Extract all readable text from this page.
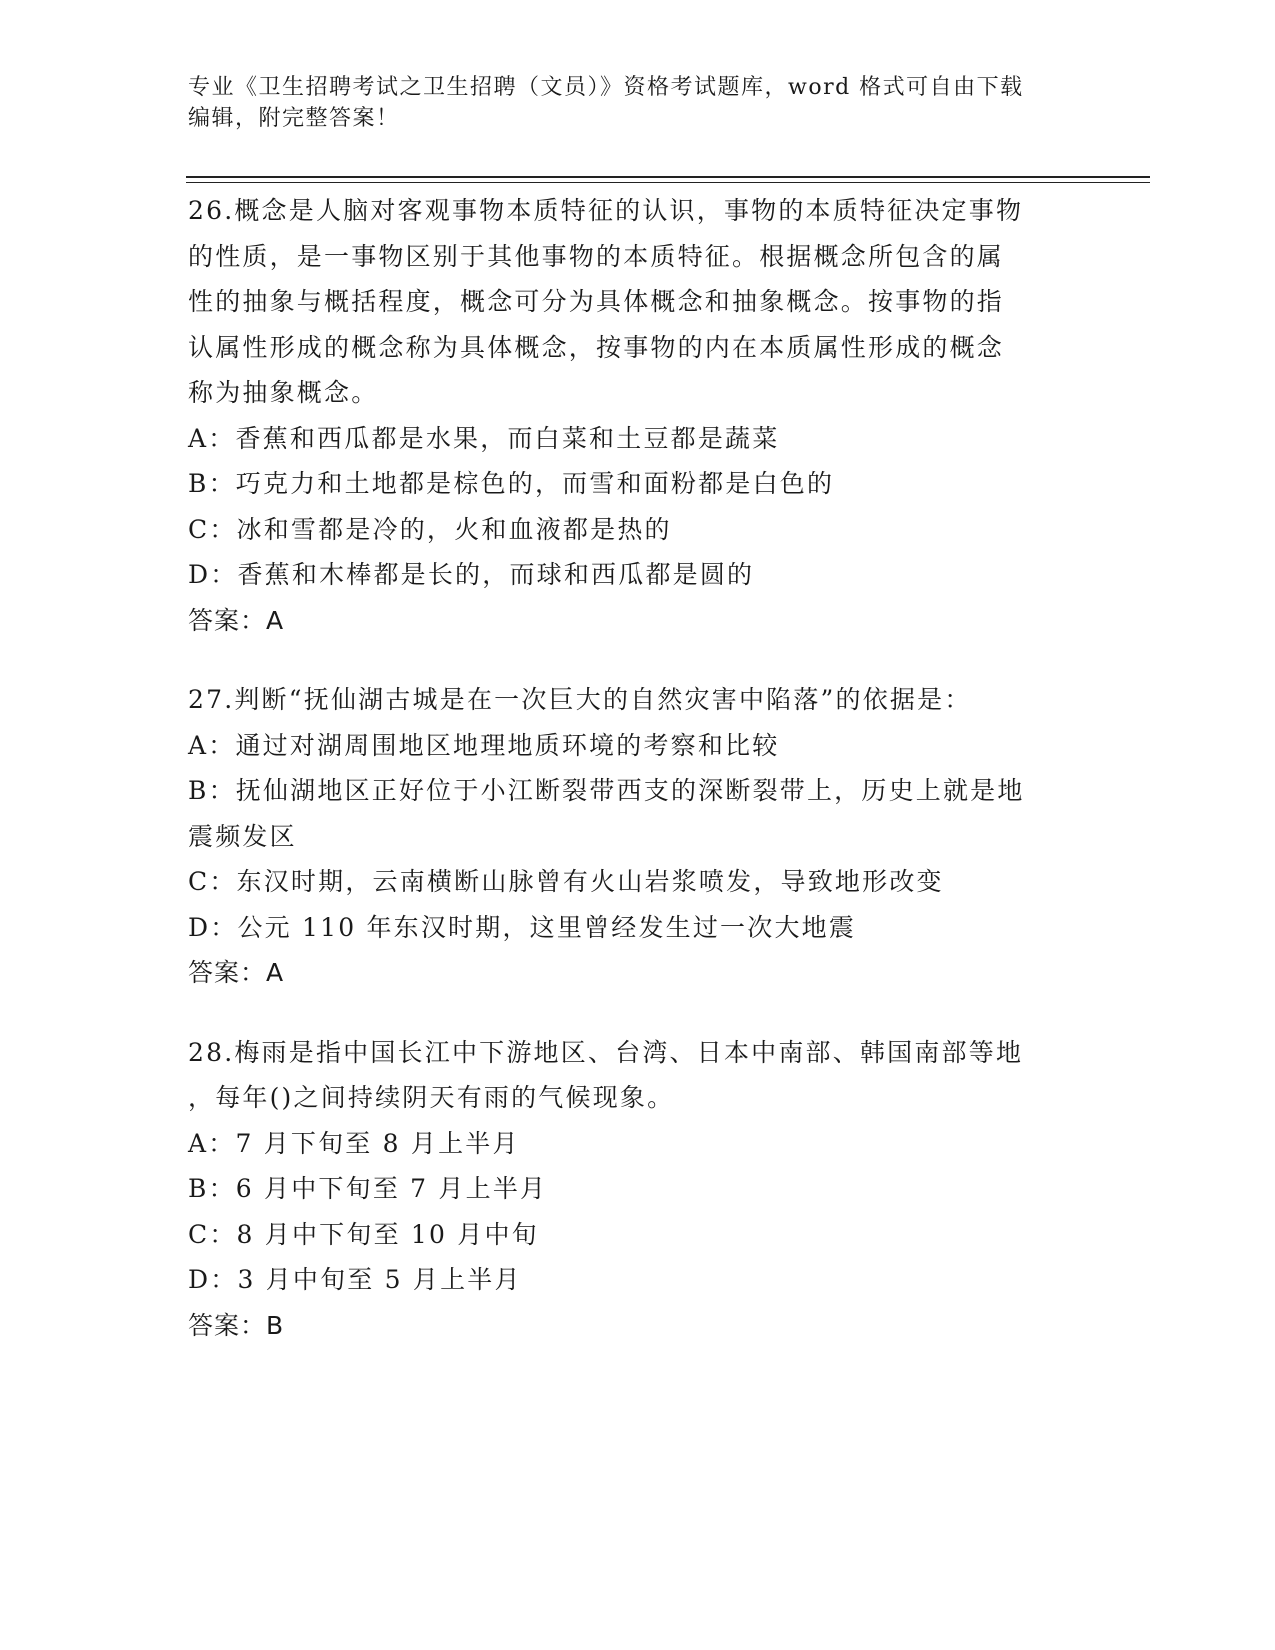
专业《卫生招聘考试之卫生招聘（文员）》资格考试题库，word 格式可自由下载
编辑，附完整答案！
26.概念是人脑对客观事物本质特征的认识，事物的本质特征决定事物
的性质，是一事物区别于其他事物的本质特征。根据概念所包含的属
性的抽象与概括程度，概念可分为具体概念和抽象概念。按事物的指
认属性形成的概念称为具体概念，按事物的内在本质属性形成的概念
称为抽象概念。
A：香蕉和西瓜都是水果，而白菜和土豆都是蔬菜
B：巧克力和土地都是棕色的，而雪和面粉都是白色的
C：冰和雪都是冷的，火和血液都是热的
D：香蕉和木棒都是长的，而球和西瓜都是圆的
答案：A
27.判断“抚仙湖古城是在一次巨大的自然灾害中陷落”的依据是：
A：通过对湖周围地区地理地质环境的考察和比较
B：抚仙湖地区正好位于小江断裂带西支的深断裂带上，历史上就是地
震频发区
C：东汉时期，云南横断山脉曾有火山岩浆喷发，导致地形改变
D：公元 110 年东汉时期，这里曾经发生过一次大地震
答案：A
28.梅雨是指中国长江中下游地区、台湾、日本中南部、韩国南部等地
，每年()之间持续阴天有雨的气候现象。
A：7 月下旬至 8 月上半月
B：6 月中下旬至 7 月上半月
C：8 月中下旬至 10 月中旬
D：3 月中旬至 5 月上半月
答案：B
